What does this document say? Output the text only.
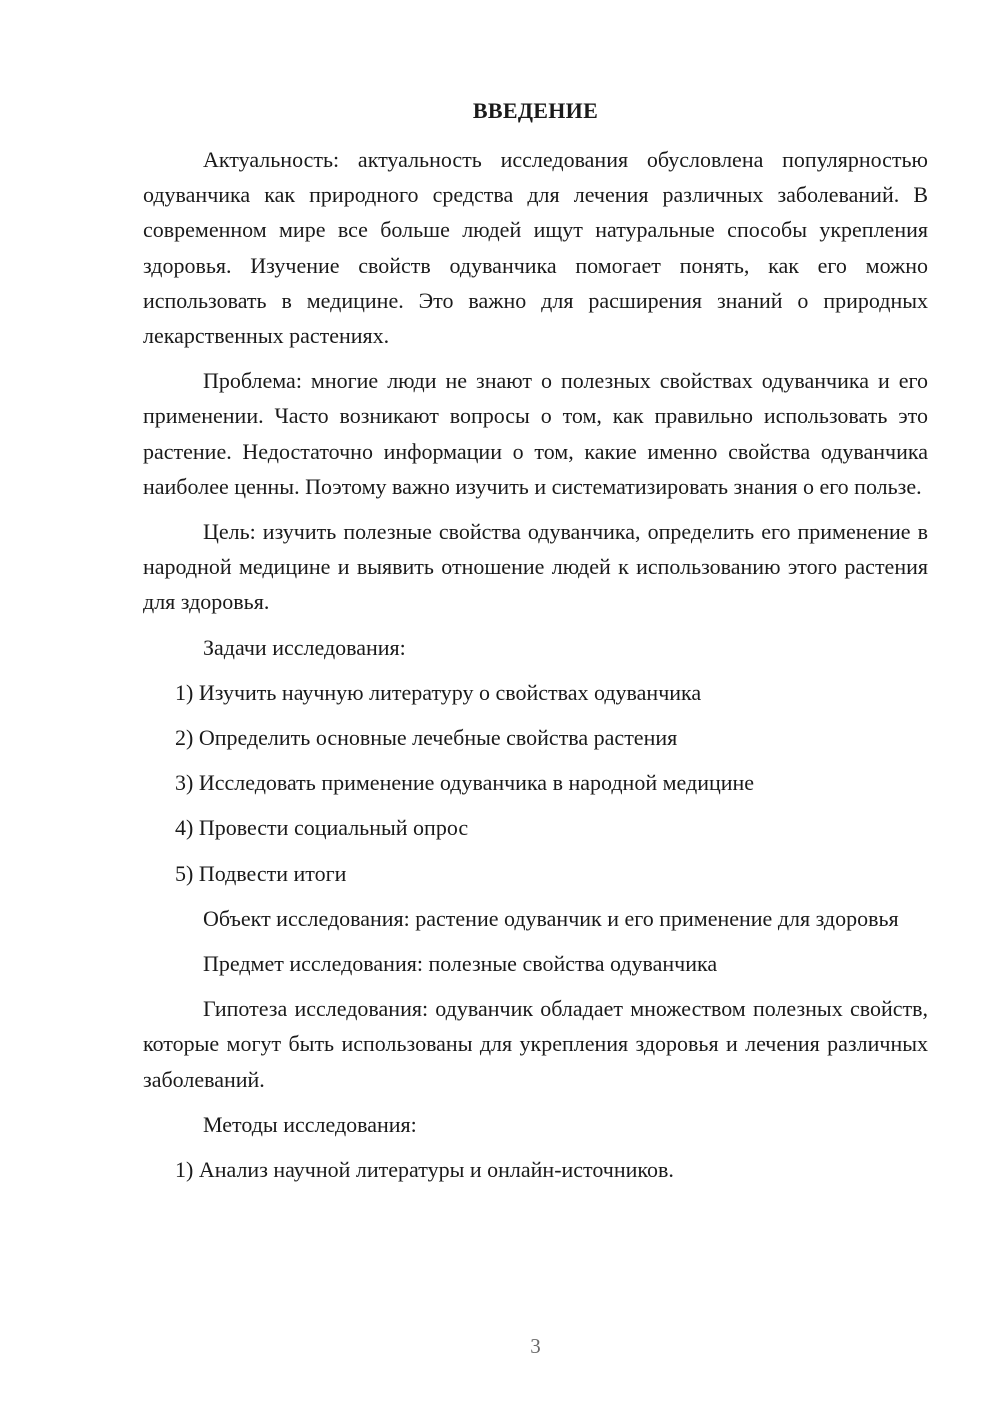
ВВЕДЕНИЕ

Актуальность: актуальность исследования обусловлена популярностью одуванчика как природного средства для лечения различных заболеваний. В современном мире все больше людей ищут натуральные способы укрепления здоровья. Изучение свойств одуванчика помогает понять, как его можно использовать в медицине. Это важно для расширения знаний о природных лекарственных растениях.

Проблема: многие люди не знают о полезных свойствах одуванчика и его применении. Часто возникают вопросы о том, как правильно использовать это растение. Недостаточно информации о том, какие именно свойства одуванчика наиболее ценны. Поэтому важно изучить и систематизировать знания о его пользе.

Цель: изучить полезные свойства одуванчика, определить его применение в народной медицине и выявить отношение людей к использованию этого растения для здоровья.

Задачи исследования:

1) Изучить научную литературу о свойствах одуванчика
2) Определить основные лечебные свойства растения
3) Исследовать применение одуванчика в народной медицине
4) Провести социальный опрос
5) Подвести итоги

Объект исследования: растение одуванчик и его применение для здоровья

Предмет исследования: полезные свойства одуванчика

Гипотеза исследования: одуванчик обладает множеством полезных свойств, которые могут быть использованы для укрепления здоровья и лечения различных заболеваний.

Методы исследования:

1) Анализ научной литературы и онлайн-источников.
3
